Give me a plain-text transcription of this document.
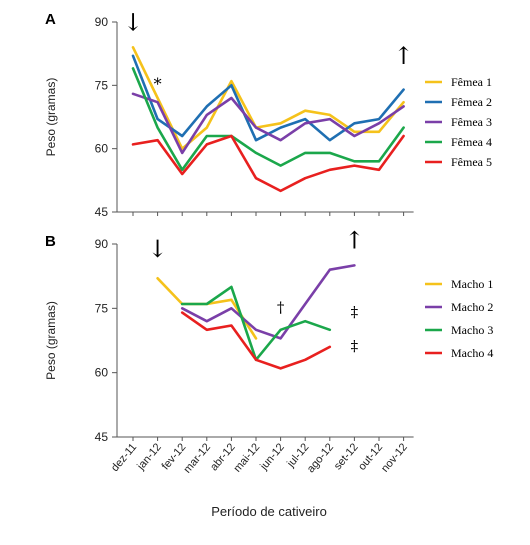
A
45
60
75
90
Peso (gramas)	Fêmea 1
Fêmea 2
Fêmea 3
Fêmea 4
Fêmea 5
↓
*
↑
B
45
60
75
90
Peso (gramas)
dez-11
jan-12
fev-12
mar-12
abr-12
mai-12
jun-12
jul-12
ago-12
set-12
out-12
nov-12
Macho 1
Macho 2
Macho 3
Macho 4
↓
†	‡
‡
↑
Período de cativeiro
